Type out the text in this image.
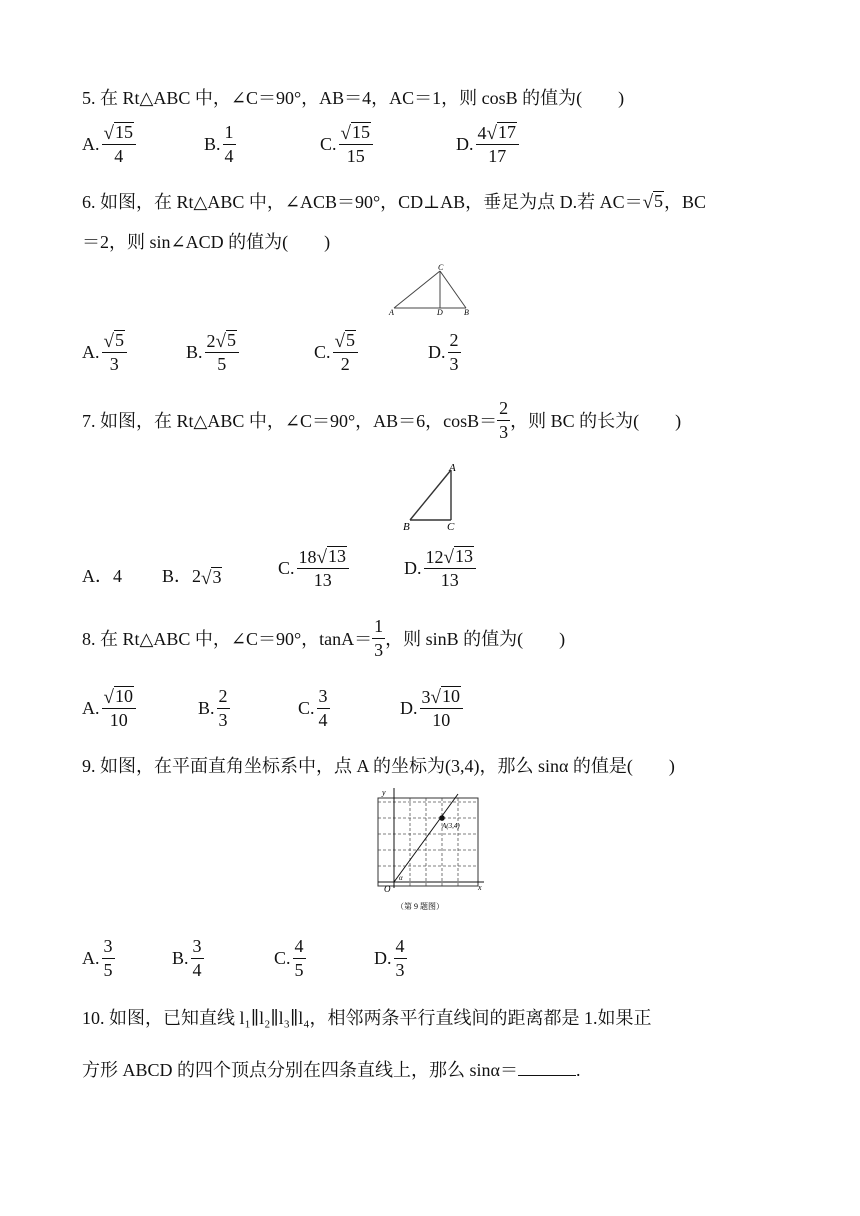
5. 在 Rt△ABC 中，∠C＝90°，AB＝4，AC＝1，则 cosB 的值为(　　)
6. 如图，在 Rt△ABC 中，∠ACB＝90°，CD⊥AB，垂足为点 D.若 AC＝ √ 5 ，BC
＝2，则 sin∠ACD 的值为(　　)
A	D	B
C
7. 如图，在 Rt△ABC 中，∠C＝90°，AB＝6，$\cos B= \frac{2}{3}$ ，则 BC 的长为(　　)
A
B	C
A．4 B．2 √ 3
8. 在 Rt△ABC 中，∠C＝90°，$\tan A= \frac{1}{3}$ ，则 sinB 的值为(　　)
9. 如图，在平面直角坐标系中，点 A 的坐标为(3,4)，那么 sinα 的值是(　　)
y
x
O
α
A(3,4)
（第 9 题图）
10. 如图，已知直线 l₁∥l₂∥l₃∥l₄，相邻两条平行直线间的距离都是 1.如果正
方形 ABCD 的四个顶点分别在四条直线上，那么 sinα＝	.
A. $\frac{√ 15}{4}$	B. $\frac{1}{4}$	C. $\frac{√ 15}{15}$	D. $\frac{4 √ 17}{17}$
A. $\frac{√ 5}{3}$	B. $\frac{2 √ 5}{5}$	C. $\frac{√ 5}{2}$	D. $\frac{2}{3}$
C. $\frac{18 √ 13}{13}$	D. $\frac{12 √ 13}{13}$
A. $\frac{√ 10}{10}$	B. $\frac{2}{3}$	C. $\frac{3}{4}$	D. $\frac{3 √ 10}{10}$
A. $\frac{3}{5}$	B. $\frac{3}{4}$	C. $\frac{4}{5}$	D. $\frac{4}{3}$
